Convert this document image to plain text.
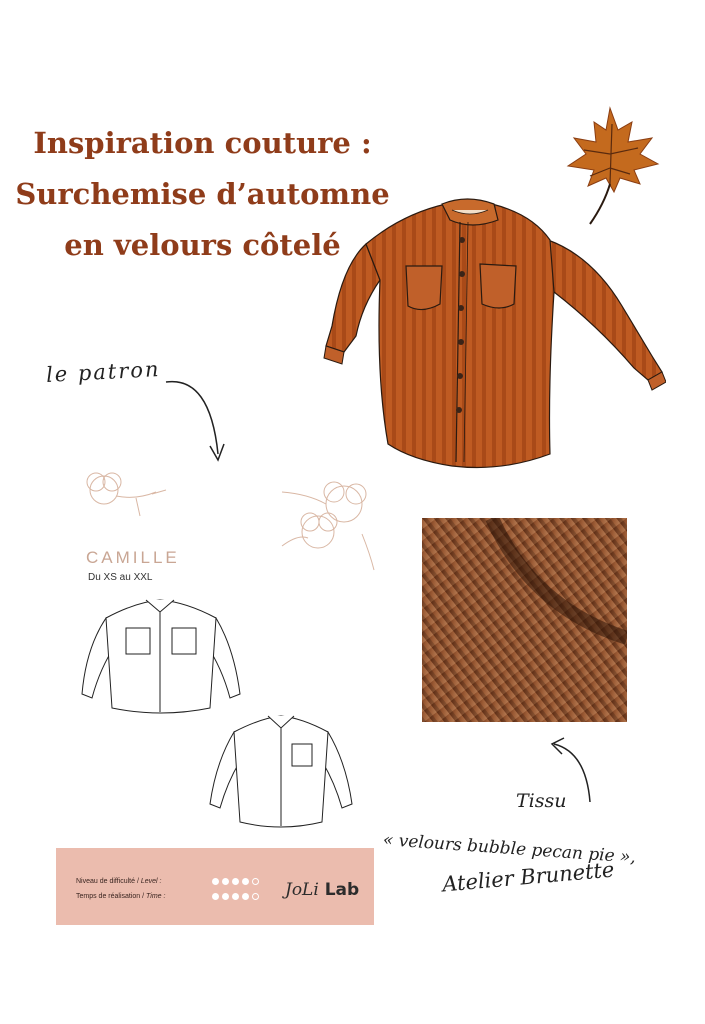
Inspiration couture :
Surchemise d’automne
en velours côtelé
le patron
CAMILLE
Du XS au XXL
Niveau de difficulté / Level :
Temps de réalisation / Time :	JoLi Lab
Tissu
« velours bubble pecan pie »,
Atelier Brunette
